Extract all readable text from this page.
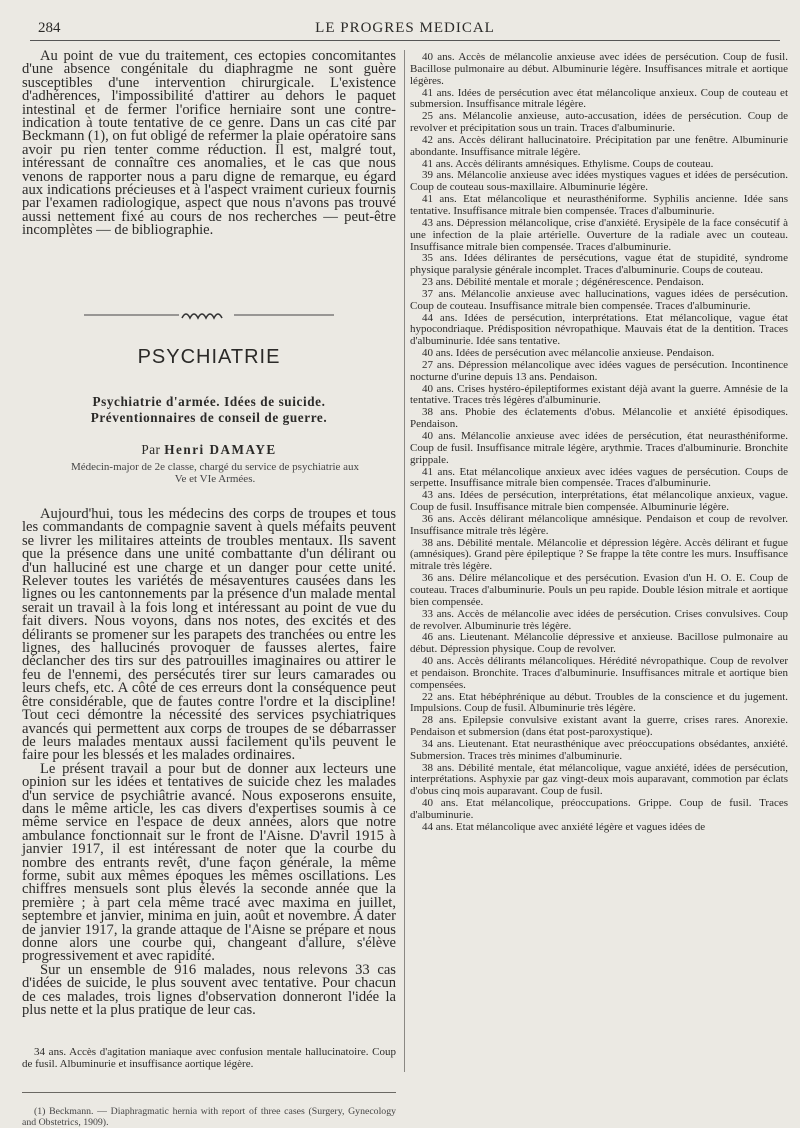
284	LE PROGRES MEDICAL

Au point de vue du traitement, ces ectopies concomitantes d'une absence congénitale du diaphragme ne sont guère susceptibles d'une intervention chirurgicale. L'existence d'adhérences, l'impossibilité d'attirer au dehors le paquet intestinal et de fermer l'orifice herniaire sont une contre-indication à toute tentative de ce genre. Dans un cas cité par Beckmann (1), on fut obligé de refermer la plaie opératoire sans avoir pu rien tenter comme réduction. Il est, malgré tout, intéressant de connaître ces anomalies, et le cas que nous venons de rapporter nous a paru digne de remarque, eu égard aux indications précieuses et à l'aspect vraiment curieux fournis par l'examen radiologique, aspect que nous n'avons pas trouvé aussi nettement fixé au cours de nos recherches — peut-être incomplètes — de bibliographie.

PSYCHIATRIE
Psychiatrie d'armée. Idées de suicide.
Préventionnaires de conseil de guerre.
Par Henri DAMAYE
Médecin-major de 2e classe, chargé du service de psychiatrie aux
Ve et VIe Armées.

Aujourd'hui, tous les médecins des corps de troupes et tous les commandants de compagnie savent à quels méfaits peuvent se livrer les militaires atteints de troubles mentaux. Ils savent que la présence dans une unité combattante d'un délirant ou d'un halluciné est une charge et un danger pour cette unité. Relever toutes les variétés de mésaventures causées dans les lignes ou les cantonnements par la présence d'un malade mental serait un travail à la fois long et intéressant au point de vue du fait divers. Nous voyons, dans nos notes, des excités et des délirants se promener sur les parapets des tranchées ou entre les lignes, des hallucinés provoquer de fausses alertes, faire déclancher des tirs sur des patrouilles imaginaires ou attirer le feu de l'ennemi, des persécutés tirer sur leurs camarades ou leurs chefs, etc. A côté de ces erreurs dont la conséquence peut être considérable, que de fautes contre l'ordre et la discipline! Tout ceci démontre la nécessité des services psychiatriques avancés qui permettent aux corps de troupes de se débarrasser de leurs malades mentaux aussi facilement qu'ils peuvent le faire pour les blessés et les malades ordinaires.

Le présent travail a pour but de donner aux lecteurs une opinion sur les idées et tentatives de suicide chez les malades d'un service de psychiâtrie avancé. Nous exposerons ensuite, dans le même article, les cas divers d'expertises soumis à ce même service en l'espace de deux années, alors que notre ambulance fonctionnait sur le front de l'Aisne. D'avril 1915 à janvier 1917, il est intéressant de noter que la courbe du nombre des entrants revêt, d'une façon générale, la même forme, subit aux mêmes époques les mêmes oscillations. Les chiffres mensuels sont plus élevés la seconde année que la première ; à part cela même tracé avec maxima en juillet, septembre et janvier, minima en juin, août et novembre. A dater de janvier 1917, la grande attaque de l'Aisne se prépare et nous donne alors une courbe qui, changeant d'allure, s'élève progressivement et avec rapidité.

Sur un ensemble de 916 malades, nous relevons 33 cas d'idées de suicide, le plus souvent avec tentative. Pour chacun de ces malades, trois lignes d'observation donneront l'idée la plus nette et la plus pratique de leur cas.

34 ans. Accès d'agitation maniaque avec confusion mentale hallucinatoire. Coup de fusil. Albuminurie et insuffisance aortique légère.

(1) Beckmann. — Diaphragmatic hernia with report of three cases (Surgery, Gynecology and Obstetrics, 1909).

40 ans. Accès de mélancolie anxieuse avec idées de persécution. Coup de fusil. Bacillose pulmonaire au début. Albuminurie légère. Insuffisances mitrale et aortique légères.

41 ans. Idées de persécution avec état mélancolique anxieux. Coup de couteau et submersion. Insuffisance mitrale légère.

25 ans. Mélancolie anxieuse, auto-accusation, idées de persécution. Coup de revolver et précipitation sous un train. Traces d'albuminurie.

42 ans. Accès délirant hallucinatoire. Précipitation par une fenêtre. Albuminurie abondante. Insuffisance mitrale légère.

41 ans. Accès délirants amnésiques. Ethylisme. Coups de couteau.

39 ans. Mélancolie anxieuse avec idées mystiques vagues et idées de persécution. Coup de couteau sous-maxillaire. Albuminurie légère.

41 ans. Etat mélancolique et neurasthéniforme. Syphilis ancienne. Idée sans tentative. Insuffisance mitrale bien compensée. Traces d'albuminurie.

43 ans. Dépression mélancolique, crise d'anxiété. Erysipèle de la face consécutif à une infection de la plaie artérielle. Ouverture de la radiale avec un couteau. Insuffisance mitrale bien compensée. Traces d'albuminurie.

35 ans. Idées délirantes de persécutions, vague état de stupidité, syndrome physique paralysie générale incomplet. Traces d'albuminurie. Coups de couteau.

23 ans. Débilité mentale et morale ; dégénérescence. Pendaison.

37 ans. Mélancolie anxieuse avec hallucinations, vagues idées de persécution. Coup de couteau. Insuffisance mitrale bien compensée. Traces d'albuminurie.

44 ans. Idées de persécution, interprétations. Etat mélancolique, vague état hypocondriaque. Prédisposition névropathique. Mauvais état de la dentition. Traces d'albuminurie. Idée sans tentative.

40 ans. Idées de persécution avec mélancolie anxieuse. Pendaison.

27 ans. Dépression mélancolique avec idées vagues de persécution. Incontinence nocturne d'urine depuis 13 ans. Pendaison.

40 ans. Crises hystéro-épileptiformes existant déjà avant la guerre. Amnésie de la tentative. Traces très légères d'albuminurie.

38 ans. Phobie des éclatements d'obus. Mélancolie et anxiété épisodiques. Pendaison.

40 ans. Mélancolie anxieuse avec idées de persécution, état neurasthéniforme. Coup de fusil. Insuffisance mitrale légère, arythmie. Traces d'albuminurie. Bronchite grippale.

41 ans. Etat mélancolique anxieux avec idées vagues de persécution. Coups de serpette. Insuffisance mitrale bien compensée. Traces d'albuminurie.

43 ans. Idées de persécution, interprétations, état mélancolique anxieux, vague. Coup de fusil. Insuffisance mitrale bien compensée. Albuminurie légère.

36 ans. Accès délirant mélancolique amnésique. Pendaison et coup de revolver. Insuffisance mitrale très légère.

38 ans. Débilité mentale. Mélancolie et dépression légère. Accès délirant et fugue (amnésiques). Grand père épileptique ? Se frappe la tête contre les murs. Insuffisance mitrale très légère.

36 ans. Délire mélancolique et des persécution. Evasion d'un H. O. E. Coup de couteau. Traces d'albuminurie. Pouls un peu rapide. Double lésion mitrale et aortique bien compensée.

33 ans. Accès de mélancolie avec idées de persécution. Crises convulsives. Coup de revolver. Albuminurie très légère.

46 ans. Lieutenant. Mélancolie dépressive et anxieuse. Bacillose pulmonaire au début. Dépression physique. Coup de revolver.

40 ans. Accès délirants mélancoliques. Hérédité névropathique. Coup de revolver et pendaison. Bronchite. Traces d'albuminurie. Insuffisances mitrale et aortique bien compensées.

22 ans. Etat hébéphrénique au début. Troubles de la conscience et du jugement. Impulsions. Coup de fusil. Albuminurie très légère.

28 ans. Epilepsie convulsive existant avant la guerre, crises rares. Anorexie. Pendaison et submersion (dans état post-paroxystique).

34 ans. Lieutenant. Etat neurasthénique avec préoccupations obsédantes, anxiété. Submersion. Traces très minimes d'albuminurie.

38 ans. Débilité mentale, état mélancolique, vague anxiété, idées de persécution, interprétations. Asphyxie par gaz vingt-deux mois auparavant, commotion par éclats d'obus cinq mois auparavant. Coup de fusil.

40 ans. Etat mélancolique, préoccupations. Grippe. Coup de fusil. Traces d'albuminurie.

44 ans. Etat mélancolique avec anxiété légère et vagues idées de
